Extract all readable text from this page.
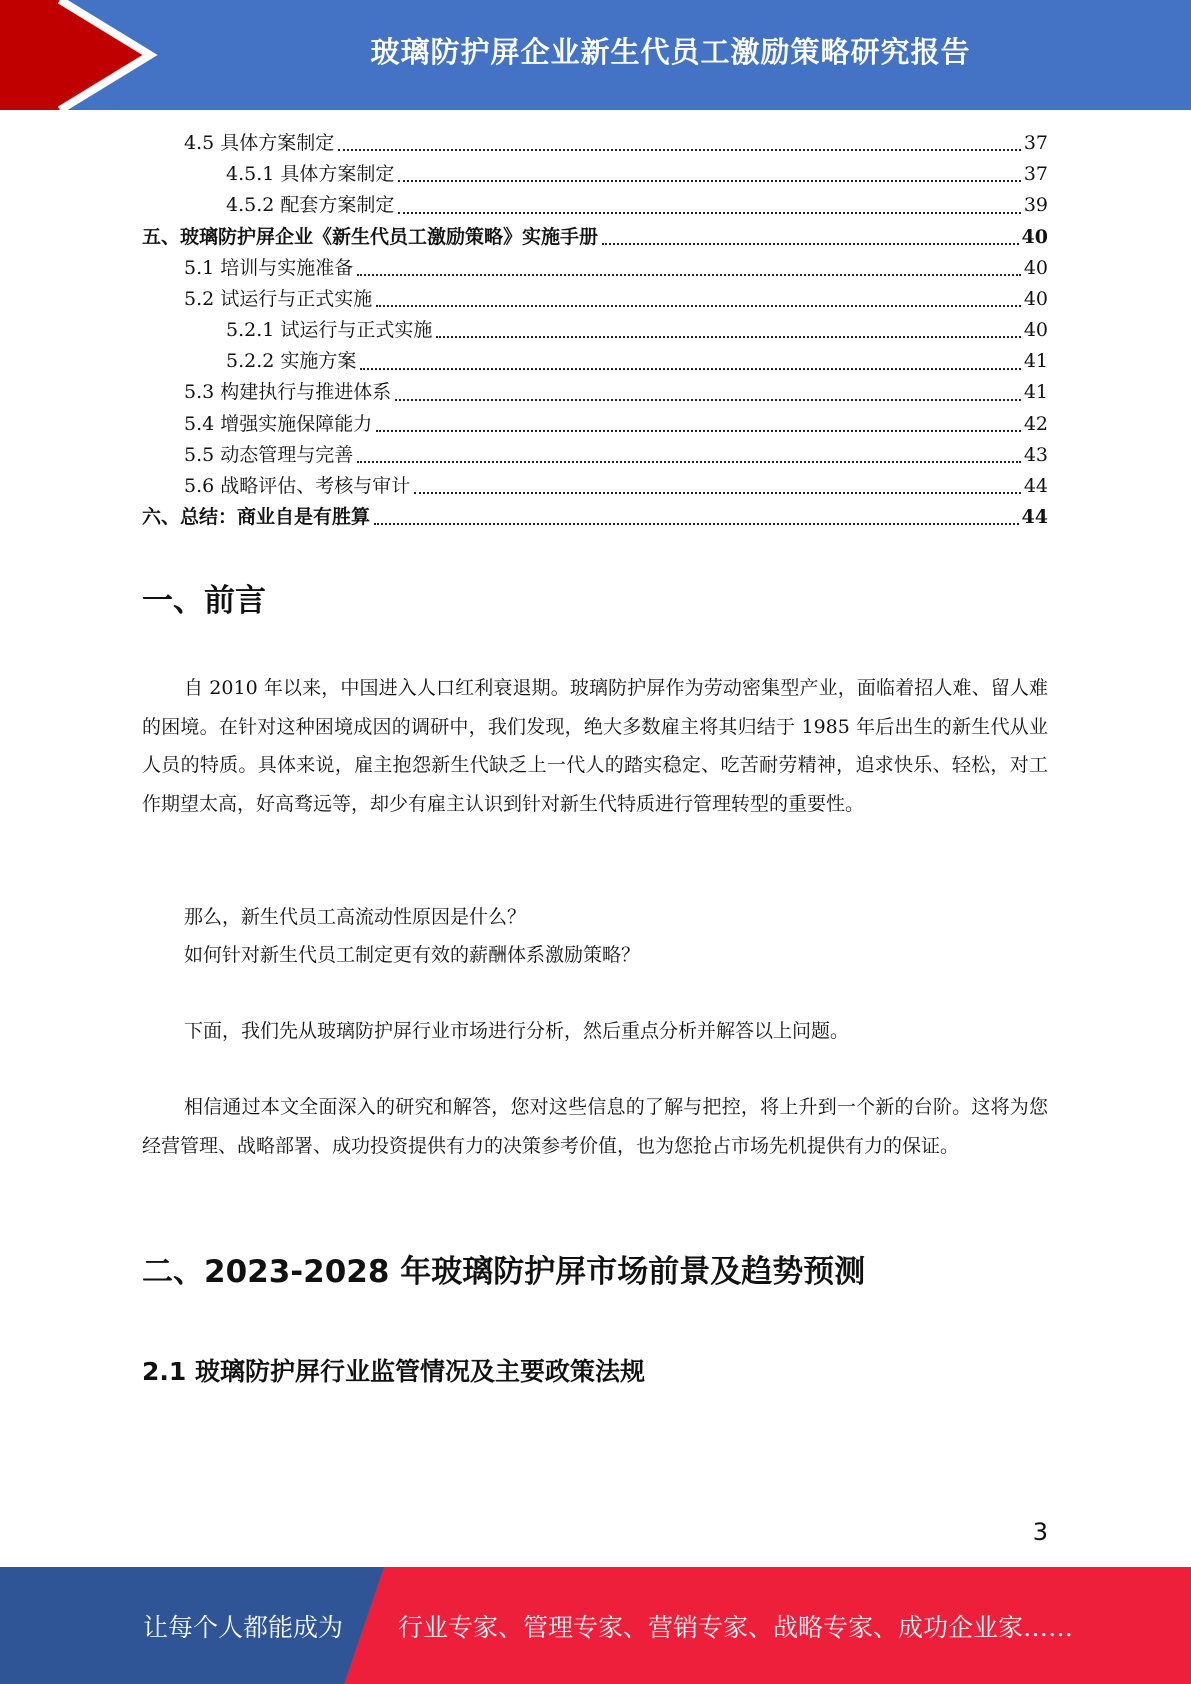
玻璃防护屏企业新生代员工激励策略研究报告
4.5 具体方案制定	37
4.5.1 具体方案制定	37
4.5.2 配套方案制定	39
五、玻璃防护屏企业《新生代员工激励策略》实施手册	40
5.1 培训与实施准备	40
5.2 试运行与正式实施	40
5.2.1 试运行与正式实施	40
5.2.2 实施方案	41
5.3 构建执行与推进体系	41
5.4 增强实施保障能力	42
5.5 动态管理与完善	43
5.6 战略评估、考核与审计	44
六、总结：商业自是有胜算	44
一、前言

自 2010 年以来，中国进入人口红利衰退期。玻璃防护屏作为劳动密集型产业，面临着招人难、留人难的困境。在针对这种困境成因的调研中，我们发现，绝大多数雇主将其归结于 1985 年后出生的新生代从业人员的特质。具体来说，雇主抱怨新生代缺乏上一代人的踏实稳定、吃苦耐劳精神，追求快乐、轻松，对工作期望太高，好高骛远等，却少有雇主认识到针对新生代特质进行管理转型的重要性。

那么，新生代员工高流动性原因是什么？
如何针对新生代员工制定更有效的薪酬体系激励策略？

下面，我们先从玻璃防护屏行业市场进行分析，然后重点分析并解答以上问题。

相信通过本文全面深入的研究和解答，您对这些信息的了解与把控，将上升到一个新的台阶。这将为您经营管理、战略部署、成功投资提供有力的决策参考价值，也为您抢占市场先机提供有力的保证。

二、2023-2028 年玻璃防护屏市场前景及趋势预测
2.1 玻璃防护屏行业监管情况及主要政策法规
3
让每个人都能成为 行业专家、管理专家、营销专家、战略专家、成功企业家……
